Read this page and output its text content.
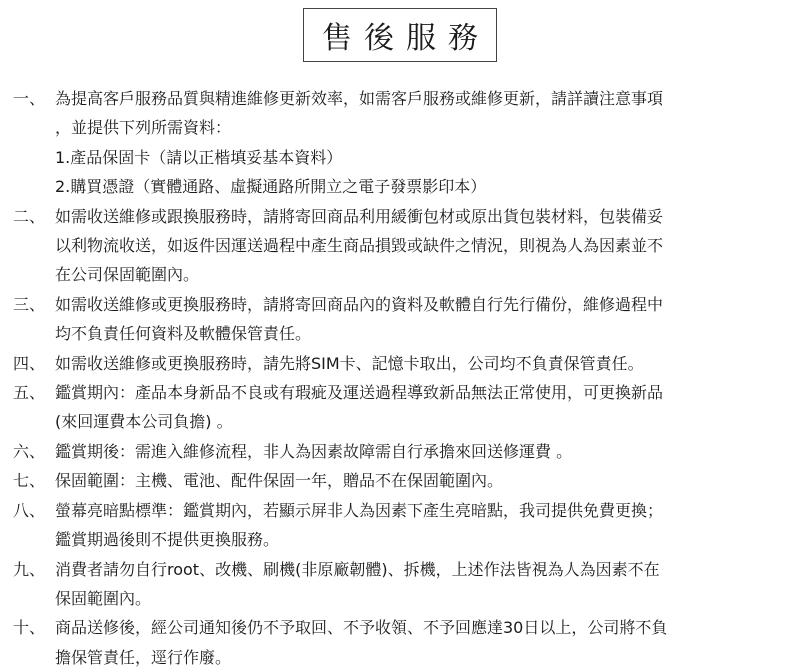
售後服務
一、 為提高客戶服務品質與精進維修更新效率，如需客戶服務或維修更新，請詳讀注意事項
，並提供下列所需資料：
1.產品保固卡（請以正楷填妥基本資料）
2.購買憑證（實體通路、虛擬通路所開立之電子發票影印本）
二、 如需收送維修或跟換服務時，請將寄回商品利用緩衝包材或原出貨包裝材料，包裝備妥
以利物流收送，如返件因運送過程中產生商品損毀或缺件之情況，則視為人為因素並不
在公司保固範圍內。
三、 如需收送維修或更換服務時，請將寄回商品內的資料及軟體自行先行備份，維修過程中
均不負責任何資料及軟體保管責任。
四、 如需收送維修或更換服務時，請先將SIM卡、記憶卡取出，公司均不負責保管責任。
五、 鑑賞期內：產品本身新品不良或有瑕疵及運送過程導致新品無法正常使用，可更換新品
(來回運費本公司負擔) 。
六、 鑑賞期後：需進入維修流程，非人為因素故障需自行承擔來回送修運費 。
七、 保固範圍：主機、電池、配件保固一年，贈品不在保固範圍內。
八、 螢幕亮暗點標準：鑑賞期內，若顯示屏非人為因素下產生亮暗點，我司提供免費更換；
鑑賞期過後則不提供更換服務。
九、 消費者請勿自行root、改機、刷機(非原廠韌體)、拆機，上述作法皆視為人為因素不在
保固範圍內。
十、 商品送修後，經公司通知後仍不予取回、不予收領、不予回應達30日以上，公司將不負
擔保管責任，逕行作廢。
